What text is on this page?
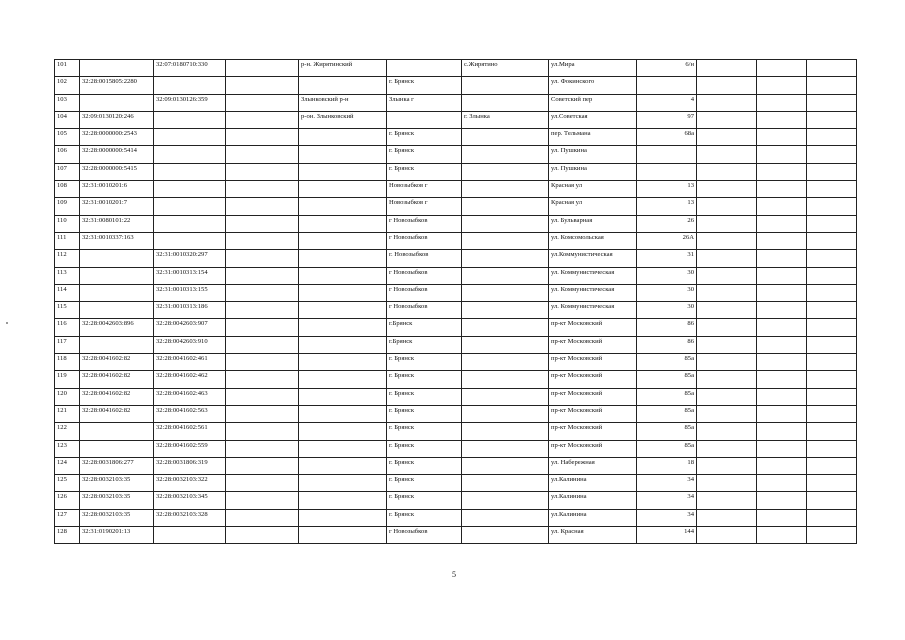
101		32:07:0180710:330		р-н. Жирятинский		с.Жирятино	ул.Мира	6/н			
102	32:28:0015805:2280				г. Брянск		ул. Фокинского				
103		32:09:0130126:359		Злынковский р-н	Злынка г		Советский пер	4			
104	32:09:0130120:246			р-он. Злынковский		г. Злынка	ул.Советская	97			
105	32:28:0000000:2543				г. Брянск		пер. Тельмана	68а			
106	32:28:0000000:5414				г. Брянск		ул. Пушкина				
107	32:28:0000000:5415				г. Брянск		ул. Пушкина				
108	32:31:0010201:6				Новозыбков г		Красная ул	13			
109	32:31:0010201:7				Новозыбков г		Красная ул	13			
110	32:31:0080101:22				г Новозыбков		ул. Бульварная	26			
111	32:31:0010337:163				г Новозыбков		ул. Комсомольская	26А			
112		32:31:0010320:297			г. Новозыбков		ул.Коммунистическая	31			
113		32:31:0010313:154			г Новозыбков		ул. Коммунистическая	30			
114		32:31:0010313:155			г Новозыбков		ул. Коммунистическая	30			
115		32:31:0010313:186			г Новозыбков		ул. Коммунистическая	30			
116	32:28:0042603:896	32:28:0042603:907			г.Брянск		пр-кт Московский	86			
117		32:28:0042603:910			г.Брянск		пр-кт Московский	86			
118	32:28:0041602:82	32:28:0041602:461			г. Брянск		пр-кт Московский	85а			
119	32:28:0041602:82	32:28:0041602:462			г. Брянск		пр-кт Московский	85а			
120	32:28:0041602:82	32:28:0041602:463			г. Брянск		пр-кт Московский	85а			
121	32:28:0041602:82	32:28:0041602:563			г. Брянск		пр-кт Московский	85а			
122		32:28:0041602:561			г. Брянск		пр-кт Московский	85а			
123		32:28:0041602:559			г. Брянск		пр-кт Московский	85а			
124	32:28:0031806:277	32:28:0031806:319			г. Брянск		ул. Набережная	18			
125	32:28:0032103:35	32:28:0032103:322			г. Брянск		ул.Калинина	34			
126	32:28:0032103:35	32:28:0032103:345			г. Брянск		ул.Калинина	34			
127	32:28:0032103:35	32:28:0032103:328			г. Брянск		ул.Калинина	34			
128	32:31:0190201:13				г Новозыбков		ул. Красная	144			
5
